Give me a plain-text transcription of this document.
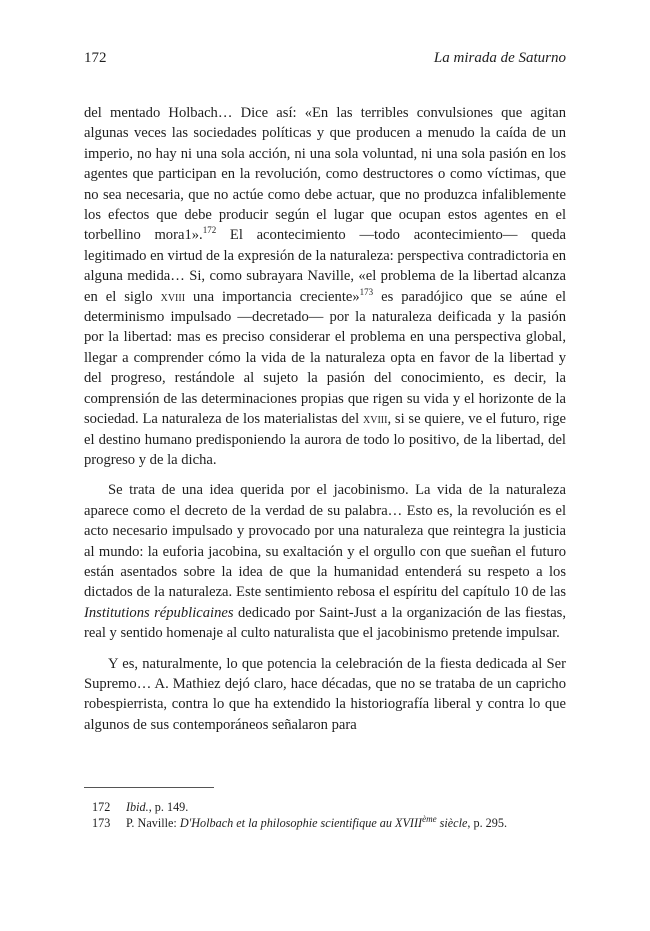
172	La mirada de Saturno

del mentado Holbach… Dice así: «En las terribles convulsiones que agitan algunas veces las sociedades políticas y que producen a menudo la caída de un imperio, no hay ni una sola acción, ni una sola voluntad, ni una sola pasión en los agentes que participan en la revolución, como destructores o como víctimas, que no sea necesaria, que no actúe como debe actuar, que no produzca infaliblemente los efectos que debe producir según el lugar que ocupan estos agentes en el torbellino mora1».$^{172}$ El acontecimiento —todo acontecimiento— queda legitimado en virtud de la expresión de la naturaleza: perspectiva contradictoria en alguna medida… Si, como subrayara Naville, «el problema de la libertad alcanza en el siglo xviii una importancia creciente»$^{173}$ es paradójico que se aúne el determinismo impulsado —decretado— por la naturaleza deificada y la pasión por la libertad: mas es preciso considerar el problema en una perspectiva global, llegar a comprender cómo la vida de la naturaleza opta en favor de la libertad y del progreso, restándole al sujeto la pasión del conocimiento, es decir, la comprensión de las determinaciones propias que rigen su vida y el horizonte de la sociedad. La naturaleza de los materialistas del xviii, si se quiere, ve el futuro, rige el destino humano predisponiendo la aurora de todo lo positivo, de la libertad, del progreso y de la dicha.

Se trata de una idea querida por el jacobinismo. La vida de la naturaleza aparece como el decreto de la verdad de su palabra… Esto es, la revolución es el acto necesario impulsado y provocado por una naturaleza que reintegra la justicia al mundo: la euforia jacobina, su exaltación y el orgullo con que sueñan el futuro están asentados sobre la idea de que la humanidad entenderá su respeto a los dictados de la naturaleza. Este sentimiento rebosa el espíritu del capítulo 10 de las Institutions républicaines dedicado por Saint-Just a la organización de las fiestas, real y sentido homenaje al culto naturalista que el jacobinismo pretende impulsar.

Y es, naturalmente, lo que potencia la celebración de la fiesta dedicada al Ser Supremo… A. Mathiez dejó claro, hace décadas, que no se trataba de un capricho robespierrista, contra lo que ha extendido la historiografía liberal y contra lo que algunos de sus contemporáneos señalaron para

172	Ibid., p. 149.
173	P. Naville: D'Holbach et la philosophie scientifique au XVIIIème siècle, p. 295.
